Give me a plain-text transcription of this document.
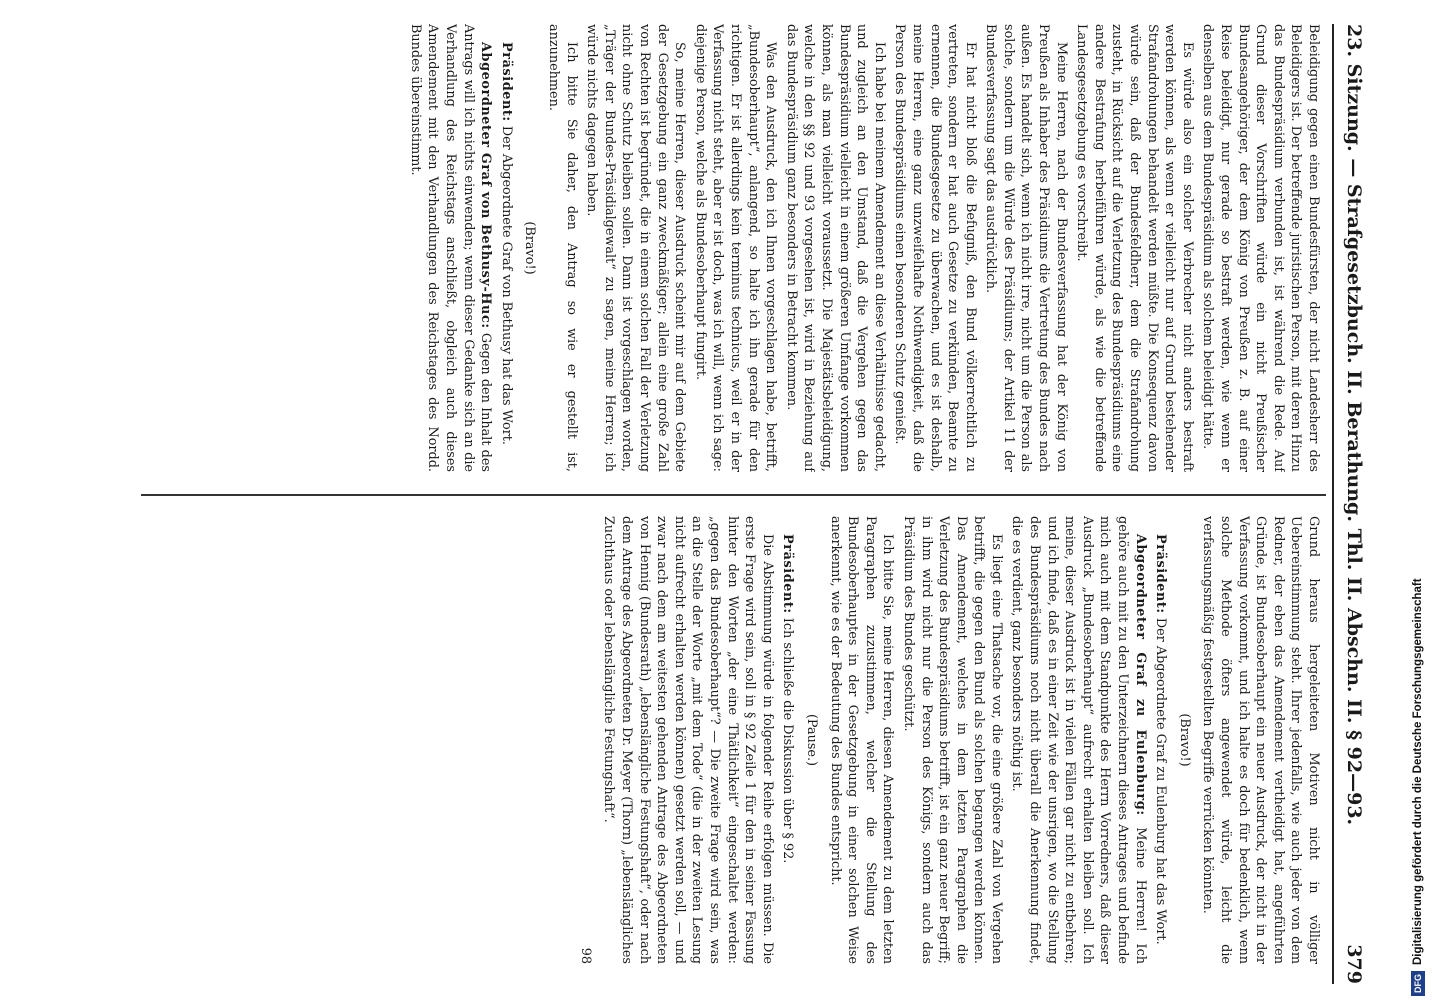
23. Sitzung. — Strafgesetzbuch. II. Berathung. Thl. II. Abschn. II. § 92—93.
379

Beleidigung gegen einen Bundesfürsten, der nicht Landesherr des Beleidigers ist. Der betreffende juristischen Person, mit deren Hinzu das Bundespräsidium verbunden ist, ist während die Rede. Auf Grund dieser Vorschriften würde ein nicht Preußischer Bundesangehöriger, der dem König von Preußen z. B. auf einer Reise beleidigt, nur gerade so bestraft werden, wie wenn er denselben aus dem Bundespräsidium als solchem beleidigt hätte.

Es würde also ein solcher Verbrecher nicht anders bestraft werden können, als wenn er vielleicht nur auf Grund bestehender Strafandrohungen behandelt werden müßte. Die Konsequenz davon würde sein, daß der Bundesfeldherr, dem die Strafandrohung zusteht, in Rücksicht auf die Verletzung des Bundespräsidiums eine andere Bestrafung herbeiführen würde, als wie die betreffende Landesgesetzgebung es vorschreibt.

Meine Herren, nach der Bundesverfassung hat der König von Preußen als Inhaber des Präsidiums die Vertretung des Bundes nach außen. Es handelt sich, wenn ich nicht irre, nicht um die Person als solche, sondern um die Würde des Präsidiums; der Artikel 11 der Bundesverfassung sagt das ausdrücklich.

Er hat nicht bloß die Befugniß, den Bund völkerrechtlich zu vertreten, sondern er hat auch Gesetze zu verkünden, Beamte zu ernennen, die Bundesgesetze zu überwachen, und es ist deshalb, meine Herren, eine ganz unzweifelhafte Nothwendigkeit, daß die Person des Bundespräsidiums einen besonderen Schutz genießt.

Ich habe bei meinem Amendement an diese Verhältnisse gedacht, und zugleich an den Umstand, daß die Vergehen gegen das Bundespräsidium vielleicht in einem größeren Umfange vorkommen können, als man vielleicht voraussetzt. Die Majestätsbeleidigung, welche in den §§ 92 und 93 vorgesehen ist, wird in Beziehung auf das Bundespräsidium ganz besonders in Betracht kommen.

Was den Ausdruck, den ich Ihnen vorgeschlagen habe, betrifft, „Bundesoberhaupt“, anlangend, so halte ich ihn gerade für den richtigen. Er ist allerdings kein terminus technicus, weil er in der Verfassung nicht steht, aber er ist doch, was ich will, wenn ich sage: diejenige Person, welche als Bundesoberhaupt fungirt.

So, meine Herren, dieser Ausdruck scheint mir auf dem Gebiete der Gesetzgebung ein ganz zweckmäßiger; allein eine große Zahl von Rechten ist begründet, die in einem solchen Fall der Verletzung nicht ohne Schutz bleiben sollen. Dann ist vorgeschlagen worden, „Träger der Bundes-Präsidialgewalt“ zu sagen, meine Herren; ich würde nichts dagegen haben.

Ich bitte Sie daher, den Antrag so wie er gestellt ist, anzunehmen.

(Bravo!)

Präsident: Der Abgeordnete Graf von Bethusy hat das Wort.

Abgeordneter Graf von Bethusy-Huc: Gegen den Inhalt des Antrags will ich nichts einwenden; wenn dieser Gedanke sich an die Verhandlung des Reichstags anschließt, obgleich auch dieses Amendement mit den Verhandlungen des Reichstages des Nordd. Bundes übereinstimmt.

Grund heraus hergeleiteten Motiven nicht in völliger Uebereinstimmung steht. Ihrer jedenfalls, wie auch jeder von dem Redner, der eben das Amendement vertheidigt hat, angeführten Gründe, ist Bundesoberhaupt ein neuer Ausdruck, der nicht in der Verfassung vorkommt, und ich halte es doch für bedenklich, wenn solche Methode öfters angewendet würde, leicht die verfassungsmäßig festgestellten Begriffe verrücken könnten.

(Bravo!)

Präsident: Der Abgeordnete Graf zu Eulenburg hat das Wort.

Abgeordneter Graf zu Eulenburg: Meine Herren! Ich gehöre auch mit zu den Unterzeichnern dieses Antrages und befinde mich auch mit dem Standpunkte des Herrn Vorredners, daß dieser Ausdruck „Bundesoberhaupt“ aufrecht erhalten bleiben soll. Ich meine, dieser Ausdruck ist in vielen Fällen gar nicht zu entbehren; und ich finde, daß es in einer Zeit wie der unsrigen, wo die Stellung des Bundespräsidiums noch nicht überall die Anerkennung findet, die es verdient, ganz besonders nöthig ist.

Es liegt eine Thatsache vor, die eine größere Zahl von Vergehen betrifft, die gegen den Bund als solchen begangen werden können. Das Amendement, welches in dem letzten Paragraphen die Verletzung des Bundespräsidiums betrifft, ist ein ganz neuer Begriff; in ihm wird nicht nur die Person des Königs, sondern auch das Präsidium des Bundes geschützt.

Ich bitte Sie, meine Herren, diesen Amendement zu dem letzten Paragraphen zuzustimmen, welcher die Stellung des Bundesoberhauptes in der Gesetzgebung in einer solchen Weise anerkennt, wie es der Bedeutung des Bundes entspricht.

(Pause.)

Präsident: Ich schließe die Diskussion über § 92.

Die Abstimmung würde in folgender Reihe erfolgen müssen. Die erste Frage wird sein, soll in § 92 Zeile 1 für den in seiner Fassung hinter den Worten „der eine Thätlichkeit“ eingeschaltet werden: „gegen das Bundesoberhaupt“? — Die zweite Frage wird sein, was an die Stelle der Worte „mit dem Tode“ (die in der zweiten Lesung nicht aufrecht erhalten werden können) gesetzt werden soll, — und zwar nach dem am weitesten gehenden Antrage des Abgeordneten von Hennig (Bundesrath) „lebenslängliche Festungshaft“, oder nach dem Antrage des Abgeordneten Dr. Meyer (Thorn) „lebenslängliches Zuchthaus oder lebenslängliche Festungshaft“.

98

DFGDigitalisierung gefördert durch die Deutsche Forschungsgemeinschaft
